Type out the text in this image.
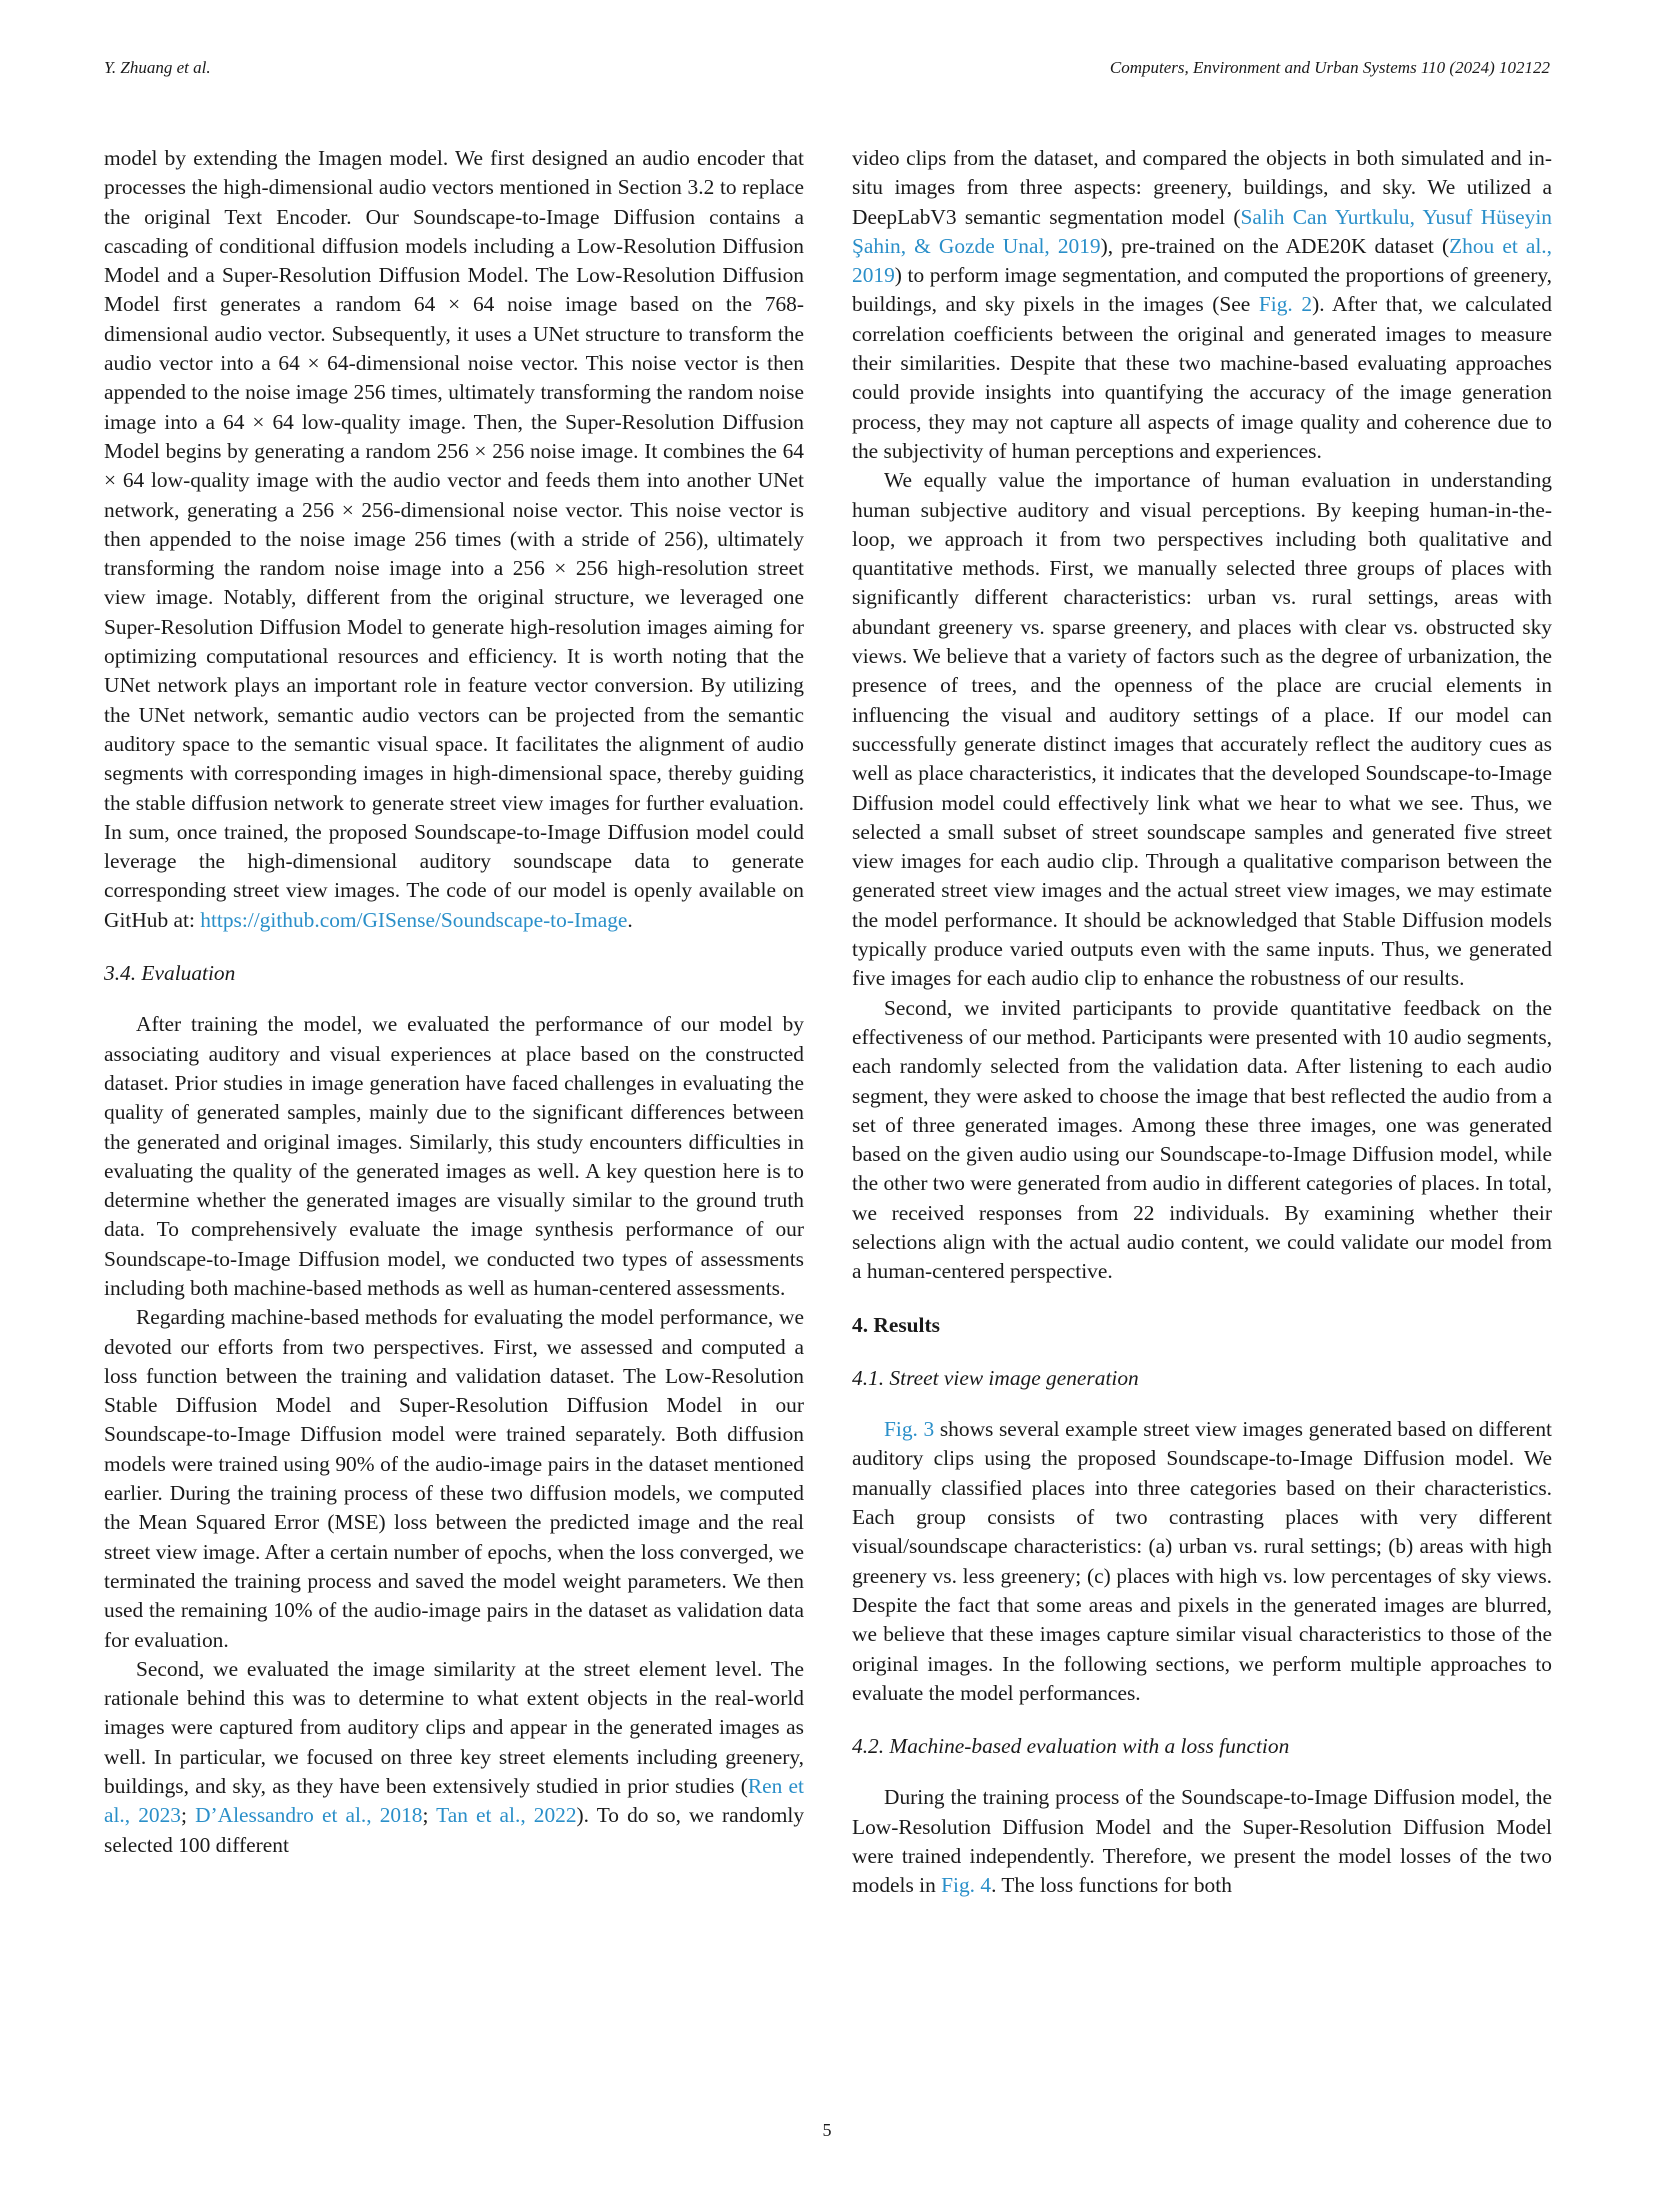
Y. Zhuang et al.	Computers, Environment and Urban Systems 110 (2024) 102122

model by extending the Imagen model. We first designed an audio encoder that processes the high-dimensional audio vectors mentioned in Section 3.2 to replace the original Text Encoder. Our Soundscape-to-Image Diffusion contains a cascading of conditional diffusion models including a Low-Resolution Diffusion Model and a Super-Resolution Diffusion Model. The Low-Resolution Diffusion Model first generates a random 64 × 64 noise image based on the 768-dimensional audio vector. Subsequently, it uses a UNet structure to transform the audio vector into a 64 × 64-dimensional noise vector. This noise vector is then appended to the noise image 256 times, ultimately transforming the random noise image into a 64 × 64 low-quality image. Then, the Super-Resolution Diffusion Model begins by generating a random 256 × 256 noise image. It combines the 64 × 64 low-quality image with the audio vector and feeds them into another UNet network, generating a 256 × 256-dimensional noise vector. This noise vector is then appended to the noise image 256 times (with a stride of 256), ultimately transforming the random noise image into a 256 × 256 high-resolution street view image. Notably, different from the original structure, we leveraged one Super-Resolution Diffusion Model to generate high-resolution images aiming for optimizing computational resources and efficiency. It is worth noting that the UNet network plays an important role in feature vector conversion. By utilizing the UNet network, semantic audio vectors can be projected from the semantic auditory space to the semantic visual space. It facilitates the alignment of audio segments with corresponding images in high-dimensional space, thereby guiding the stable diffusion network to generate street view images for further evaluation. In sum, once trained, the proposed Soundscape-to-Image Diffusion model could leverage the high-dimensional auditory soundscape data to generate corresponding street view images. The code of our model is openly available on GitHub at: https://github.com/GISense/Soundscape-to-Image.

3.4. Evaluation

After training the model, we evaluated the performance of our model by associating auditory and visual experiences at place based on the constructed dataset. Prior studies in image generation have faced challenges in evaluating the quality of generated samples, mainly due to the significant differences between the generated and original images. Similarly, this study encounters difficulties in evaluating the quality of the generated images as well. A key question here is to determine whether the generated images are visually similar to the ground truth data. To comprehensively evaluate the image synthesis performance of our Soundscape-to-Image Diffusion model, we conducted two types of assessments including both machine-based methods as well as human-centered assessments.

Regarding machine-based methods for evaluating the model performance, we devoted our efforts from two perspectives. First, we assessed and computed a loss function between the training and validation dataset. The Low-Resolution Stable Diffusion Model and Super-Resolution Diffusion Model in our Soundscape-to-Image Diffusion model were trained separately. Both diffusion models were trained using 90% of the audio-image pairs in the dataset mentioned earlier. During the training process of these two diffusion models, we computed the Mean Squared Error (MSE) loss between the predicted image and the real street view image. After a certain number of epochs, when the loss converged, we terminated the training process and saved the model weight parameters. We then used the remaining 10% of the audio-image pairs in the dataset as validation data for evaluation.

Second, we evaluated the image similarity at the street element level. The rationale behind this was to determine to what extent objects in the real-world images were captured from auditory clips and appear in the generated images as well. In particular, we focused on three key street elements including greenery, buildings, and sky, as they have been extensively studied in prior studies (Ren et al., 2023; D’Alessandro et al., 2018; Tan et al., 2022). To do so, we randomly selected 100 different

video clips from the dataset, and compared the objects in both simulated and in-situ images from three aspects: greenery, buildings, and sky. We utilized a DeepLabV3 semantic segmentation model (Salih Can Yurtkulu, Yusuf Hüseyin Şahin, & Gozde Unal, 2019), pre-trained on the ADE20K dataset (Zhou et al., 2019) to perform image segmentation, and computed the proportions of greenery, buildings, and sky pixels in the images (See Fig. 2). After that, we calculated correlation coefficients between the original and generated images to measure their similarities. Despite that these two machine-based evaluating approaches could provide insights into quantifying the accuracy of the image generation process, they may not capture all aspects of image quality and coherence due to the subjectivity of human perceptions and experiences.

We equally value the importance of human evaluation in understanding human subjective auditory and visual perceptions. By keeping human-in-the-loop, we approach it from two perspectives including both qualitative and quantitative methods. First, we manually selected three groups of places with significantly different characteristics: urban vs. rural settings, areas with abundant greenery vs. sparse greenery, and places with clear vs. obstructed sky views. We believe that a variety of factors such as the degree of urbanization, the presence of trees, and the openness of the place are crucial elements in influencing the visual and auditory settings of a place. If our model can successfully generate distinct images that accurately reflect the auditory cues as well as place characteristics, it indicates that the developed Soundscape-to-Image Diffusion model could effectively link what we hear to what we see. Thus, we selected a small subset of street soundscape samples and generated five street view images for each audio clip. Through a qualitative comparison between the generated street view images and the actual street view images, we may estimate the model performance. It should be acknowledged that Stable Diffusion models typically produce varied outputs even with the same inputs. Thus, we generated five images for each audio clip to enhance the robustness of our results.

Second, we invited participants to provide quantitative feedback on the effectiveness of our method. Participants were presented with 10 audio segments, each randomly selected from the validation data. After listening to each audio segment, they were asked to choose the image that best reflected the audio from a set of three generated images. Among these three images, one was generated based on the given audio using our Soundscape-to-Image Diffusion model, while the other two were generated from audio in different categories of places. In total, we received responses from 22 individuals. By examining whether their selections align with the actual audio content, we could validate our model from a human-centered perspective.

4. Results
4.1. Street view image generation

Fig. 3 shows several example street view images generated based on different auditory clips using the proposed Soundscape-to-Image Diffusion model. We manually classified places into three categories based on their characteristics. Each group consists of two contrasting places with very different visual/soundscape characteristics: (a) urban vs. rural settings; (b) areas with high greenery vs. less greenery; (c) places with high vs. low percentages of sky views. Despite the fact that some areas and pixels in the generated images are blurred, we believe that these images capture similar visual characteristics to those of the original images. In the following sections, we perform multiple approaches to evaluate the model performances.

4.2. Machine-based evaluation with a loss function

During the training process of the Soundscape-to-Image Diffusion model, the Low-Resolution Diffusion Model and the Super-Resolution Diffusion Model were trained independently. Therefore, we present the model losses of the two models in Fig. 4. The loss functions for both

5
